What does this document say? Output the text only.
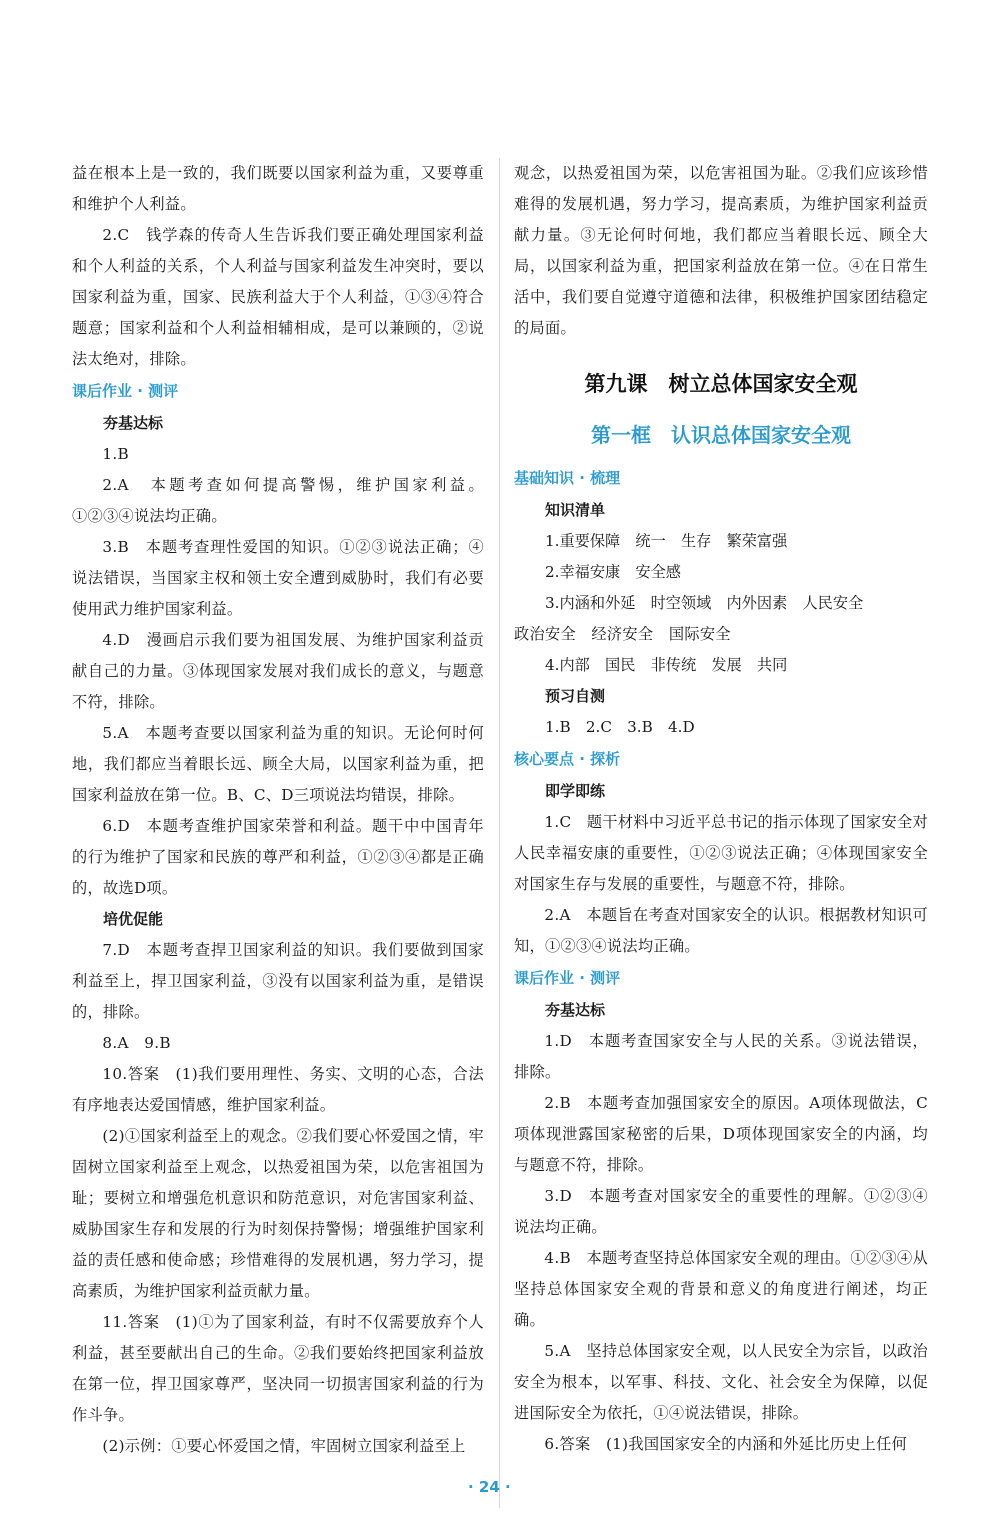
益在根本上是一致的，我们既要以国家利益为重，又要尊重和维护个人利益。

2.C　钱学森的传奇人生告诉我们要正确处理国家利益和个人利益的关系，个人利益与国家利益发生冲突时，要以国家利益为重，国家、民族利益大于个人利益，①③④符合题意；国家利益和个人利益相辅相成，是可以兼顾的，②说法太绝对，排除。

课后作业 · 测评

夯基达标

1.B

2.A　本题考查如何提高警惕，维护国家利益。①②③④说法均正确。

3.B　本题考查理性爱国的知识。①②③说法正确；④说法错误，当国家主权和领土安全遭到威胁时，我们有必要使用武力维护国家利益。

4.D　漫画启示我们要为祖国发展、为维护国家利益贡献自己的力量。③体现国家发展对我们成长的意义，与题意不符，排除。

5.A　本题考查要以国家利益为重的知识。无论何时何地，我们都应当着眼长远、顾全大局，以国家利益为重，把国家利益放在第一位。B、C、D三项说法均错误，排除。

6.D　本题考查维护国家荣誉和利益。题干中中国青年的行为维护了国家和民族的尊严和利益，①②③④都是正确的，故选D项。

培优促能

7.D　本题考查捍卫国家利益的知识。我们要做到国家利益至上，捍卫国家利益，③没有以国家利益为重，是错误的，排除。

8.A　9.B

10.答案　(1)我们要用理性、务实、文明的心态，合法有序地表达爱国情感，维护国家利益。

(2)①国家利益至上的观念。②我们要心怀爱国之情，牢固树立国家利益至上观念，以热爱祖国为荣，以危害祖国为耻；要树立和增强危机意识和防范意识，对危害国家利益、威胁国家生存和发展的行为时刻保持警惕；增强维护国家利益的责任感和使命感；珍惜难得的发展机遇，努力学习，提高素质，为维护国家利益贡献力量。

11.答案　(1)①为了国家利益，有时不仅需要放弃个人利益，甚至要献出自己的生命。②我们要始终把国家利益放在第一位，捍卫国家尊严，坚决同一切损害国家利益的行为作斗争。

(2)示例：①要心怀爱国之情，牢固树立国家利益至上

观念，以热爱祖国为荣，以危害祖国为耻。②我们应该珍惜难得的发展机遇，努力学习，提高素质，为维护国家利益贡献力量。③无论何时何地，我们都应当着眼长远、顾全大局，以国家利益为重，把国家利益放在第一位。④在日常生活中，我们要自觉遵守道德和法律，积极维护国家团结稳定的局面。

第九课　树立总体国家安全观

第一框　认识总体国家安全观

基础知识 · 梳理

知识清单

1.重要保障　统一　生存　繁荣富强

2.幸福安康　安全感

3.内涵和外延　时空领域　内外因素　人民安全

政治安全　经济安全　国际安全

4.内部　国民　非传统　发展　共同

预习自测

1.B　2.C　3.B　4.D

核心要点 · 探析

即学即练

1.C　题干材料中习近平总书记的指示体现了国家安全对人民幸福安康的重要性，①②③说法正确；④体现国家安全对国家生存与发展的重要性，与题意不符，排除。

2.A　本题旨在考查对国家安全的认识。根据教材知识可知，①②③④说法均正确。

课后作业 · 测评

夯基达标

1.D　本题考查国家安全与人民的关系。③说法错误，排除。

2.B　本题考查加强国家安全的原因。A项体现做法，C项体现泄露国家秘密的后果，D项体现国家安全的内涵，均与题意不符，排除。

3.D　本题考查对国家安全的重要性的理解。①②③④说法均正确。

4.B　本题考查坚持总体国家安全观的理由。①②③④从坚持总体国家安全观的背景和意义的角度进行阐述，均正确。

5.A　坚持总体国家安全观，以人民安全为宗旨，以政治安全为根本，以军事、科技、文化、社会安全为保障，以促进国际安全为依托，①④说法错误，排除。

6.答案　(1)我国国家安全的内涵和外延比历史上任何

· 24 ·
